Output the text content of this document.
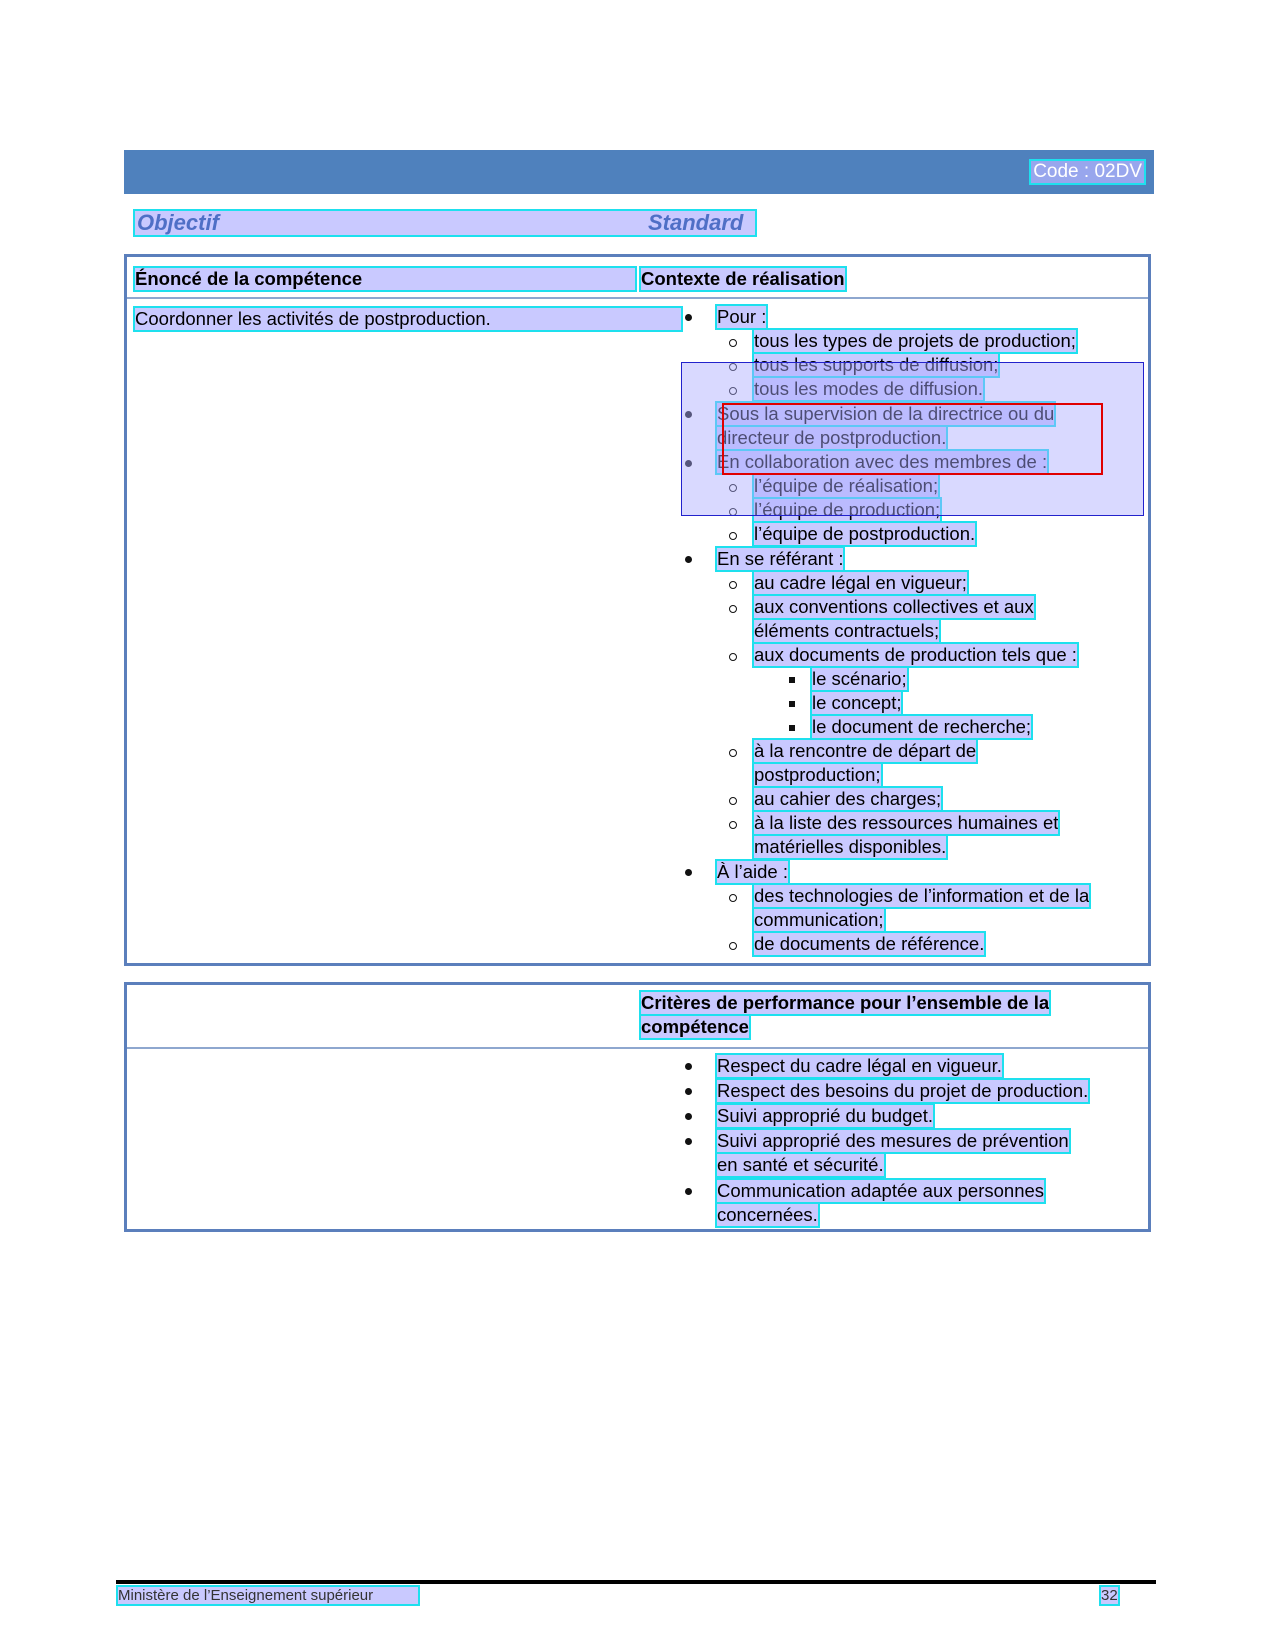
Code : 02DV
Objectif	Standard
Énoncé de la compétence	Contexte de réalisation
Coordonner les activités de postproduction.	Pour :
tous les types de projets de production;
tous les supports de diffusion;
tous les modes de diffusion.
Sous la supervision de la directrice ou du
directeur de postproduction.
En collaboration avec des membres de :
l’équipe de réalisation;
l’équipe de production;
l’équipe de postproduction.
En se référant :
au cadre légal en vigueur;
aux conventions collectives et aux
éléments contractuels;
aux documents de production tels que :
le scénario;
le concept;
le document de recherche;
à la rencontre de départ de
postproduction;
au cahier des charges;
à la liste des ressources humaines et
matérielles disponibles.
À l’aide :
des technologies de l’information et de la
communication;
de documents de référence.
Critères de performance pour l’ensemble de la
compétence
Respect du cadre légal en vigueur.
Respect des besoins du projet de production.
Suivi approprié du budget.
Suivi approprié des mesures de prévention
en santé et sécurité.
Communication adaptée aux personnes
concernées.
Ministère de l’Enseignement supérieur	32
